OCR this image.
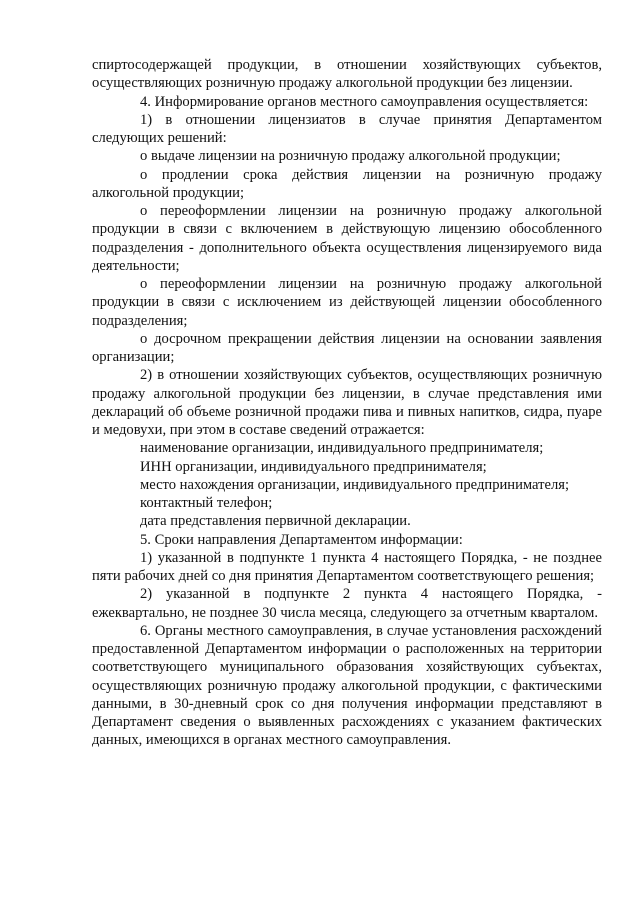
спиртосодержащей продукции, в отношении хозяйствующих субъектов, осуществляющих розничную продажу алкогольной продукции без лицензии.

4. Информирование органов местного самоуправления осуществляется:

1) в отношении лицензиатов в случае принятия Департаментом следующих решений:

о выдаче лицензии на розничную продажу алкогольной продукции;

о продлении срока действия лицензии на розничную продажу алкогольной продукции;

о переоформлении лицензии на розничную продажу алкогольной продукции в связи с включением в действующую лицензию обособленного подразделения - дополнительного объекта осуществления лицензируемого вида деятельности;

о переоформлении лицензии на розничную продажу алкогольной продукции в связи с исключением из действующей лицензии обособленного подразделения;

о досрочном прекращении действия лицензии на основании заявления организации;

2) в отношении хозяйствующих субъектов, осуществляющих розничную продажу алкогольной продукции без лицензии, в случае представления ими деклараций об объеме розничной продажи пива и пивных напитков, сидра, пуаре и медовухи, при этом в составе сведений отражается:

наименование организации, индивидуального предпринимателя;

ИНН организации, индивидуального предпринимателя;

место нахождения организации, индивидуального предпринимателя;

контактный телефон;

дата представления первичной декларации.

5. Сроки направления Департаментом информации:

1) указанной в подпункте 1 пункта 4 настоящего Порядка, - не позднее пяти рабочих дней со дня принятия Департаментом соответствующего решения;

2) указанной в подпункте 2 пункта 4 настоящего Порядка, - ежеквартально, не позднее 30 числа месяца, следующего за отчетным кварталом.

6. Органы местного самоуправления, в случае установления расхождений предоставленной Департаментом информации о расположенных на территории соответствующего муниципального образования хозяйствующих субъектах, осуществляющих розничную продажу алкогольной продукции, с фактическими данными, в 30-дневный срок со дня получения информации представляют в Департамент сведения о выявленных расхождениях с указанием фактических данных, имеющихся в органах местного самоуправления.
